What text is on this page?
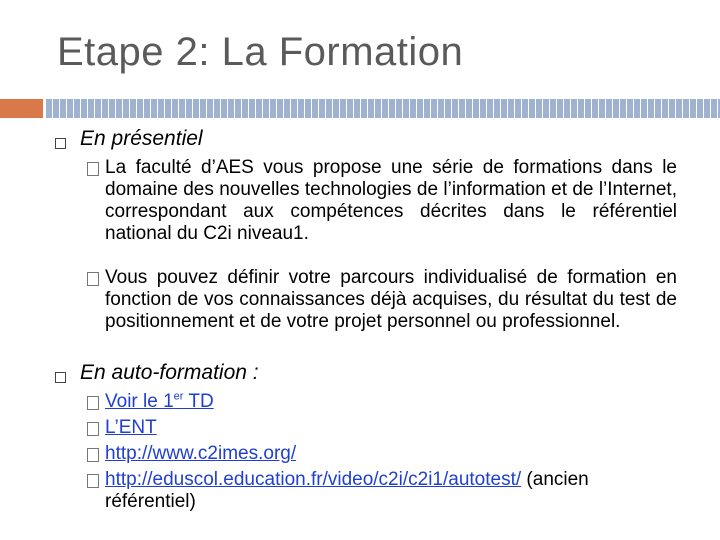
Etape 2: La Formation
En présentiel
La faculté d’AES vous propose une série de formations dans le domaine des nouvelles technologies de l’information et de l’Internet, correspondant aux compétences décrites dans le référentiel national du C2i niveau1.
Vous pouvez définir votre parcours individualisé de formation en fonction de vos connaissances déjà acquises, du résultat du test de positionnement et de votre projet personnel ou professionnel.
En auto-formation :
Voir le 1er TD
L’ENT
http://www.c2imes.org/
http://eduscol.education.fr/video/c2i/c2i1/autotest/ (ancien référentiel)
